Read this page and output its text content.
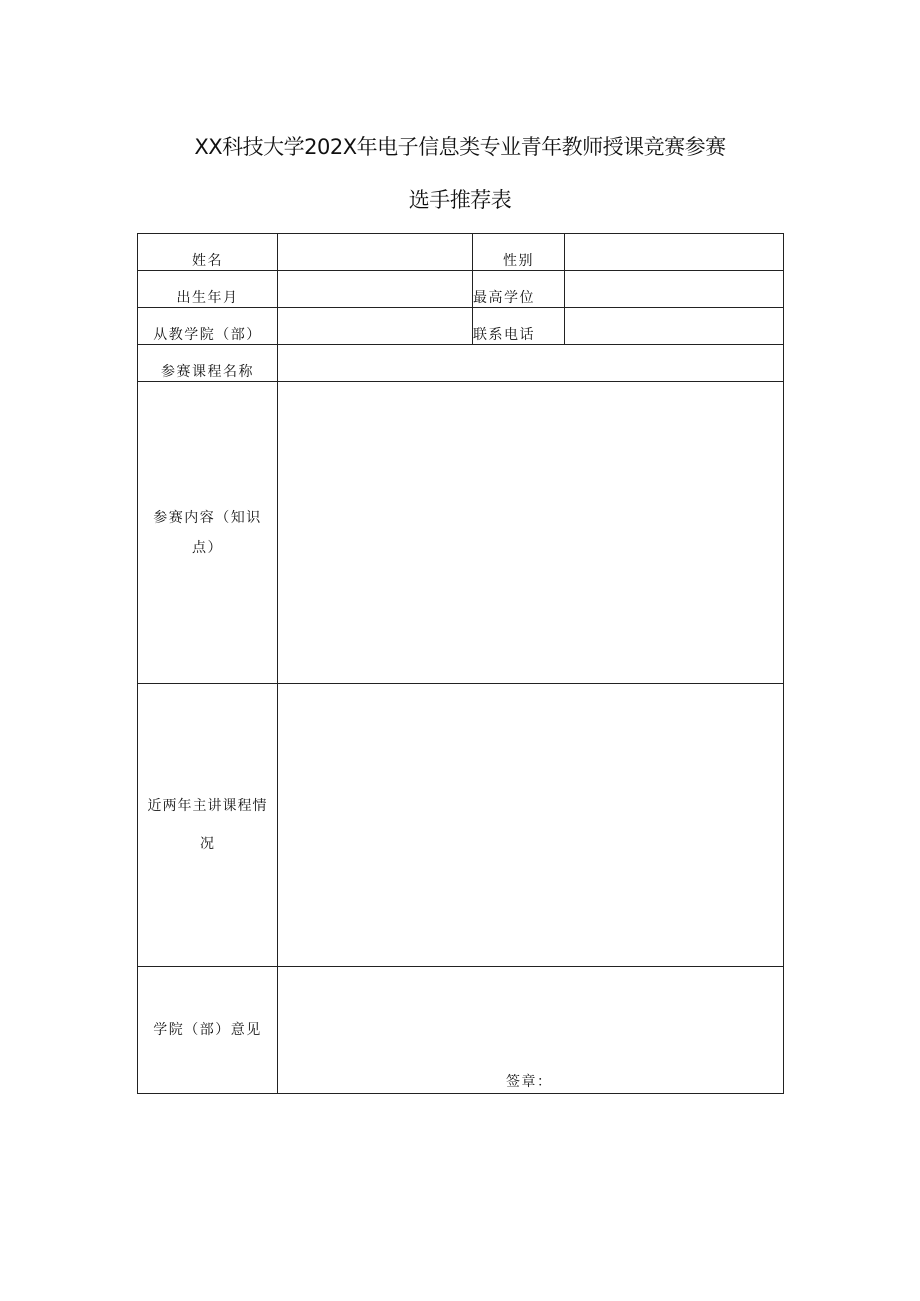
XX科技大学202X年电子信息类专业青年教师授课竞赛参赛
选手推荐表
姓名		性别	
出生年月		最高学位	
从教学院（部）		联系电话	
参赛课程名称			

参赛内容（知识
点）			

近两年主讲课程情
况			

学院（部）意见	签章：		
